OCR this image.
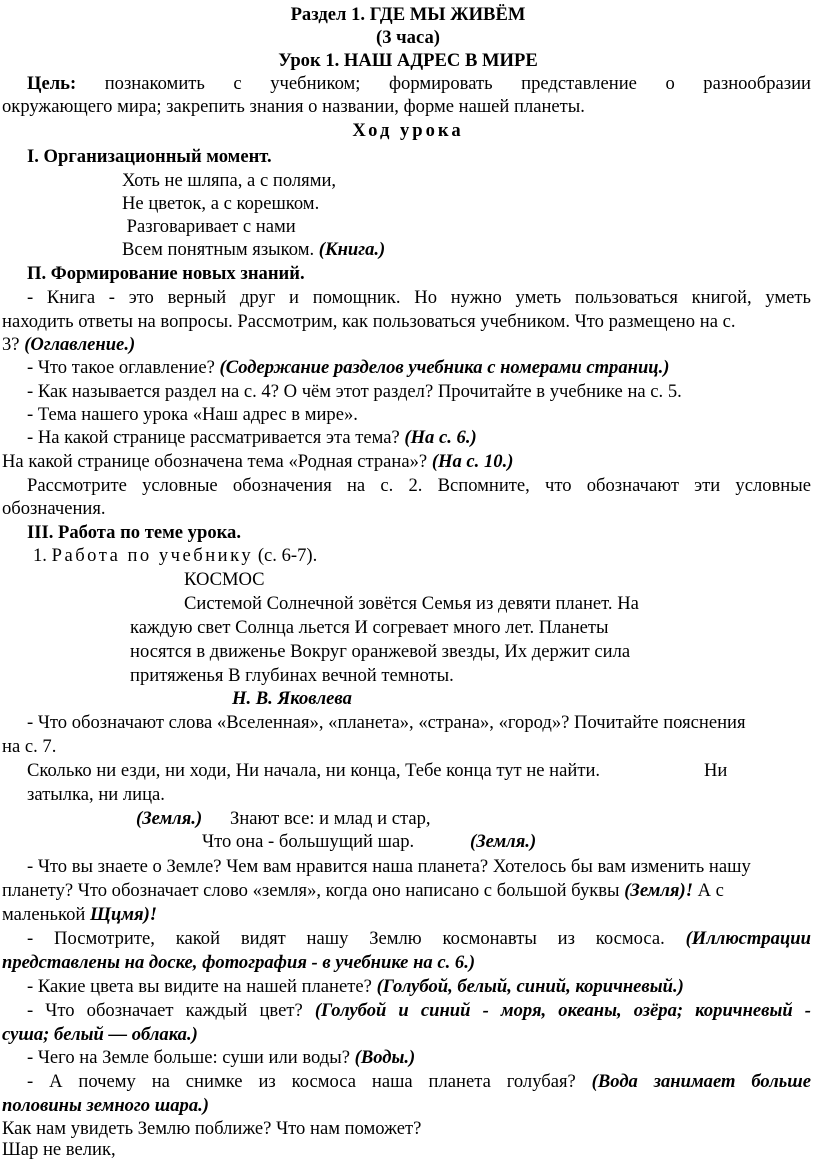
Раздел 1. ГДЕ МЫ ЖИВЁМ
(3 часа)
Урок 1. НАШ АДРЕС В МИРЕ
Цель: познакомить с учебником; формировать представление о разнообразии
окружающего мира; закрепить знания о названии, форме нашей планеты.
Ход урока
I. Организационный момент.
Хоть не шляпа, а с полями,
Не цветок, а с корешком.
Разговаривает с нами
Всем понятным языком. (Книга.)
П. Формирование новых знаний.
- Книга - это верный друг и помощник. Но нужно уметь пользоваться книгой, уметь
находить ответы на вопросы. Рассмотрим, как пользоваться учебником. Что размещено на с.
3? (Оглавление.)
- Что такое оглавление? (Содержание разделов учебника с номерами страниц.)
- Как называется раздел на с. 4? О чём этот раздел? Прочитайте в учебнике на с. 5.
- Тема нашего урока «Наш адрес в мире».
- На какой странице рассматривается эта тема? (На с. 6.)
На какой странице обозначена тема «Родная страна»? (На с. 10.)
Рассмотрите условные обозначения на с. 2. Вспомните, что обозначают эти условные
обозначения.
III. Работа по теме урока.
1. Работа по учебнику (с. 6-7).
КОСМОС
Системой Солнечной зовётся Семья из девяти планет. На
каждую свет Солнца льется И согревает много лет. Планеты
носятся в движенье Вокруг оранжевой звезды, Их держит сила
притяженья В глубинах вечной темноты.
Н. В. Яковлева
- Что обозначают слова «Вселенная», «планета», «страна», «город»? Почитайте пояснения
на с. 7.
Сколько ни езди, ни ходи, Ни начала, ни конца, Тебе конца тут не найти.	Ни
затылка, ни лица.
(Земля.) Знают все: и млад и стар,
Что она - большущий шар.	(Земля.)
- Что вы знаете о Земле? Чем вам нравится наша планета? Хотелось бы вам изменить нашу
планету? Что обозначает слово «земля», когда оно написано с большой буквы (Земля)! А с
маленькой Щцмя)!
- Посмотрите, какой видят нашу Землю космонавты из космоса. (Иллюстрации
представлены на доске, фотография - в учебнике на с. 6.)
- Какие цвета вы видите на нашей планете? (Голубой, белый, синий, коричневый.)
- Что обозначает каждый цвет? (Голубой и синий - моря, океаны, озёра; коричневый -
суша; белый — облака.)
- Чего на Земле больше: суши или воды? (Воды.)
- А почему на снимке из космоса наша планета голубая? (Вода занимает больше
половины земного шара.)
Как нам увидеть Землю поближе? Что нам поможет?
Шар не велик,
